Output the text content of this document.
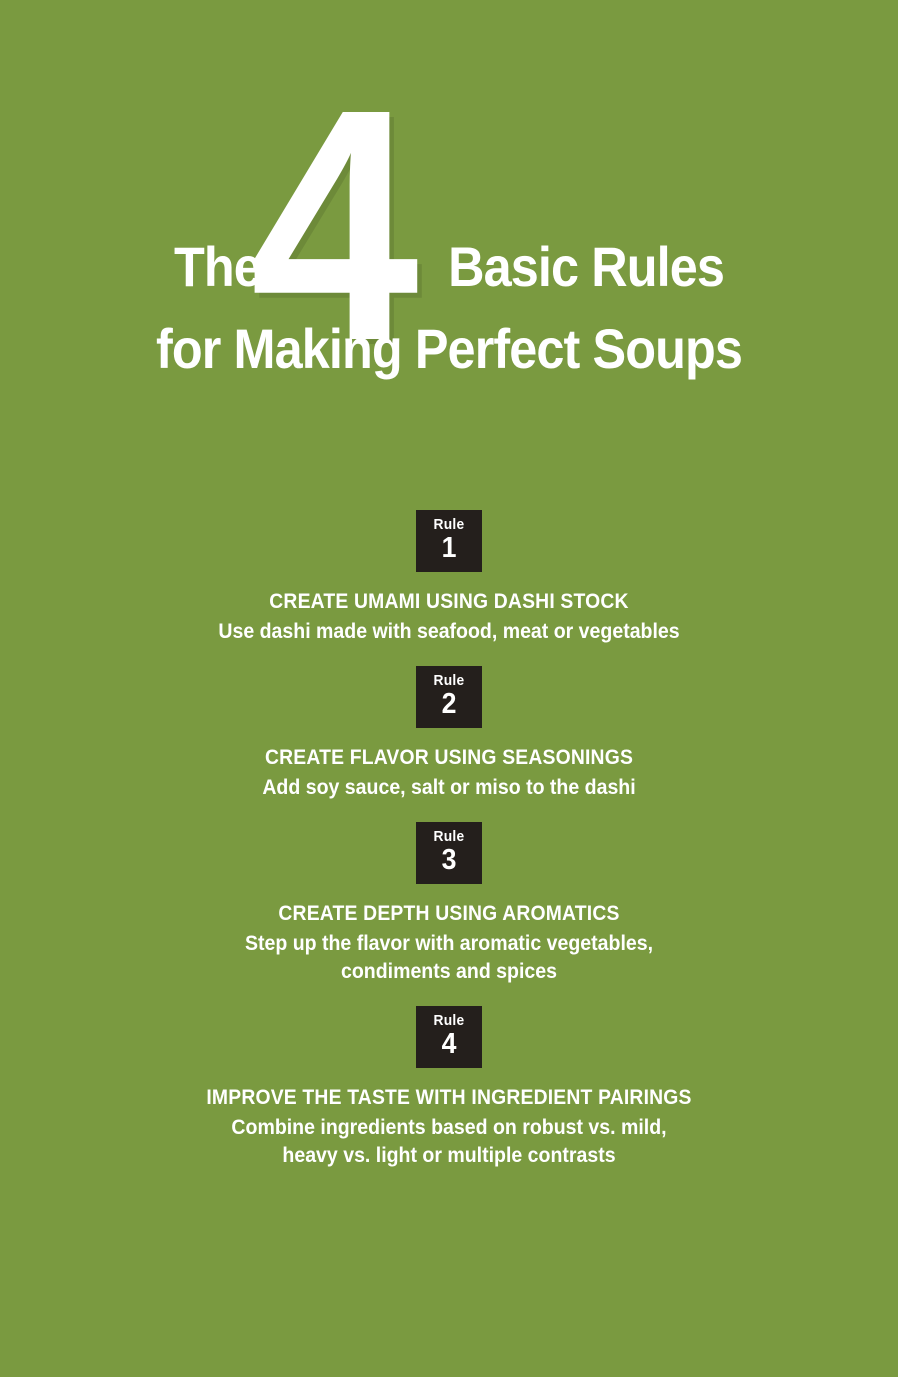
4
The	Basic Rules
for Making Perfect Soups
Rule
1

CREATE UMAMI USING DASHI STOCK

Use dashi made with seafood, meat or vegetables

Rule
2

CREATE FLAVOR USING SEASONINGS

Add soy sauce, salt or miso to the dashi

Rule
3

CREATE DEPTH USING AROMATICS

Step up the flavor with aromatic vegetables,
condiments and spices

Rule
4

IMPROVE THE TASTE WITH INGREDIENT PAIRINGS

Combine ingredients based on robust vs. mild,
heavy vs. light or multiple contrasts
